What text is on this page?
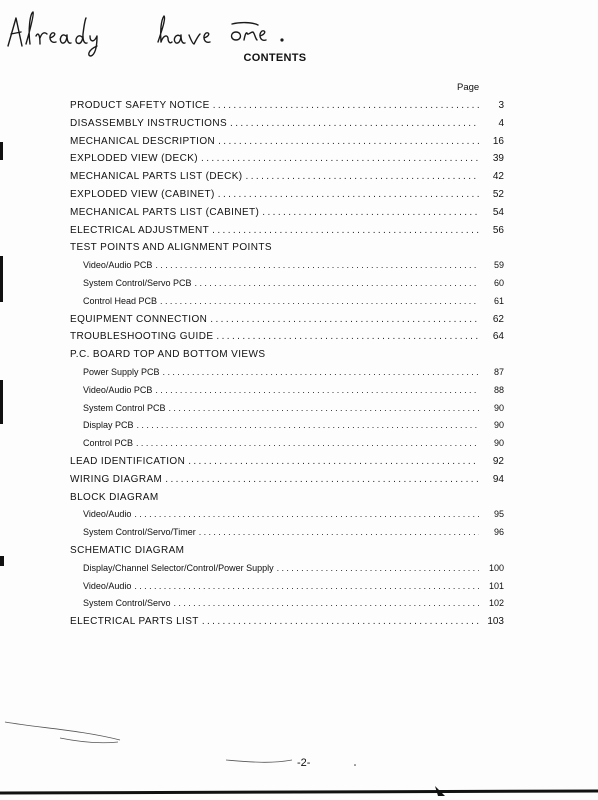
Already have one.	CONTENTS
Page
PRODUCT SAFETY NOTICE .....	3
DISASSEMBLY INSTRUCTIONS .....	4
MECHANICAL DESCRIPTION .....	16
EXPLODED VIEW (DECK) .....	39
MECHANICAL PARTS LIST (DECK) .....	42
EXPLODED VIEW (CABINET) .....	52
MECHANICAL PARTS LIST (CABINET) .....	54
ELECTRICAL ADJUSTMENT .....	56
TEST POINTS AND ALIGNMENT POINTS
Video/Audio PCB .....	59
System Control/Servo PCB .....	60
Control Head PCB .....	61
EQUIPMENT CONNECTION .....	62
TROUBLESHOOTING GUIDE .....	64
P.C. BOARD TOP AND BOTTOM VIEWS
Power Supply PCB .....	87
Video/Audio PCB .....	88
System Control PCB .....	90
Display PCB .....	90
Control PCB .....	90
LEAD IDENTIFICATION .....	92
WIRING DIAGRAM .....	94
BLOCK DIAGRAM
Video/Audio .....	95
System Control/Servo/Timer .....	96
SCHEMATIC DIAGRAM
Display/Channel Selector/Control/Power Supply .....	100
Video/Audio .....	101
System Control/Servo .....	102
ELECTRICAL PARTS LIST .....	103
-2-
